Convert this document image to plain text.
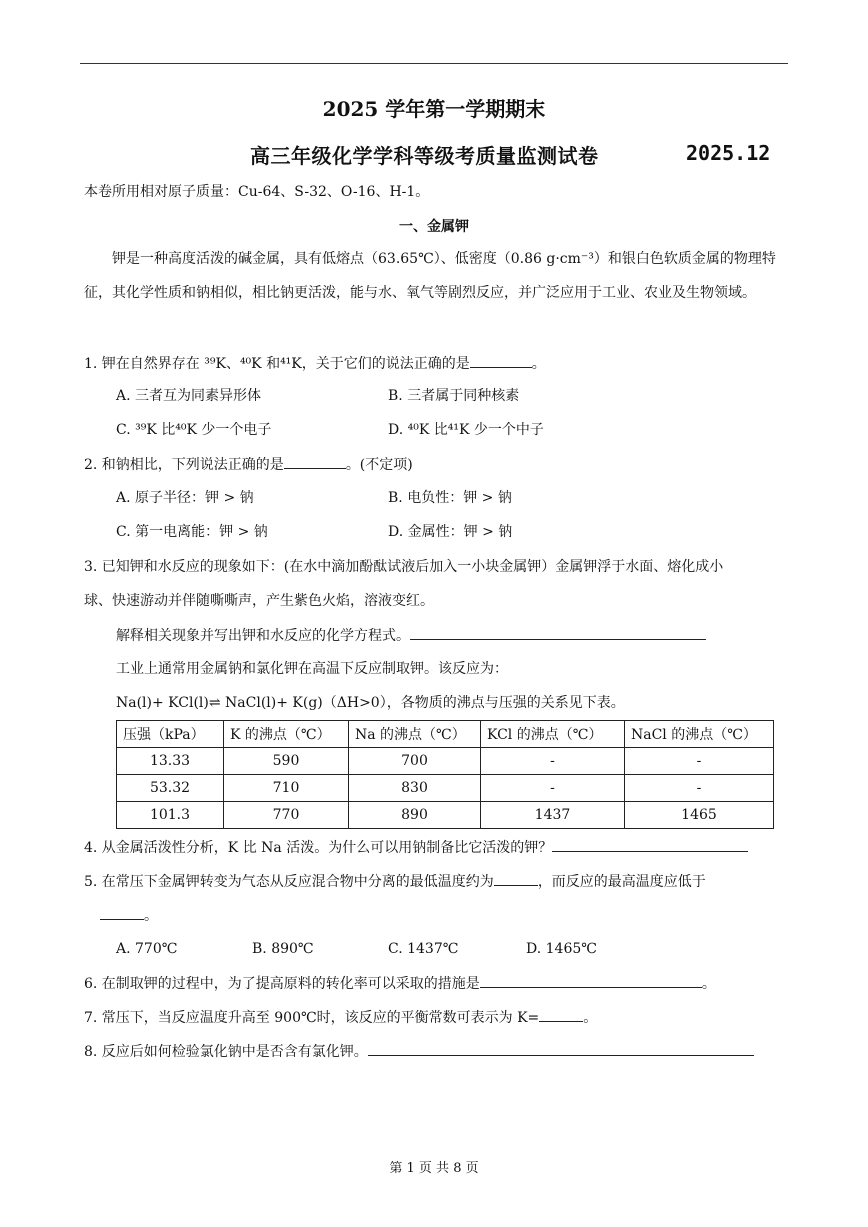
2025 学年第一学期期末
高三年级化学学科等级考质量监测试卷	2025.12
本卷所用相对原子质量：Cu-64、S-32、O-16、H-1。
一、金属钾
钾是一种高度活泼的碱金属，具有低熔点（63.65℃）、低密度（0.86 g·cm⁻³）和银白色软质金属的物理特征，其化学性质和钠相似，相比钠更活泼，能与水、氧气等剧烈反应，并广泛应用于工业、农业及生物领域。
1. 钾在自然界存在 ³⁹K、⁴⁰K 和⁴¹K，关于它们的说法正确的是	。
A. 三者互为同素异形体	B. 三者属于同种核素
C. ³⁹K 比⁴⁰K 少一个电子	D. ⁴⁰K 比⁴¹K 少一个中子
2. 和钠相比，下列说法正确的是	。(不定项)
A. 原子半径：钾 > 钠	B. 电负性：钾 > 钠
C. 第一电离能：钾 > 钠	D. 金属性：钾 > 钠
3. 已知钾和水反应的现象如下：(在水中滴加酚酞试液后加入一小块金属钾）金属钾浮于水面、熔化成小
球、快速游动并伴随嘶嘶声，产生紫色火焰，溶液变红。
解释相关现象并写出钾和水反应的化学方程式。
工业上通常用金属钠和氯化钾在高温下反应制取钾。该反应为：
Na(l)+ KCl(l)⇌ NaCl(l)+ K(g)（ΔH>0），各物质的沸点与压强的关系见下表。
压强（kPa）	K 的沸点（℃）	Na 的沸点（℃）	KCl 的沸点（℃）	NaCl 的沸点（℃）
13.33	590	700	-	-
53.32	710	830	-	-
101.3	770	890	1437	1465
4. 从金属活泼性分析，K 比 Na 活泼。为什么可以用钠制备比它活泼的钾？
5. 在常压下金属钾转变为气态从反应混合物中分离的最低温度约为	，而反应的最高温度应低于
。
A. 770℃	B. 890℃	C. 1437℃	D. 1465℃
6. 在制取钾的过程中，为了提高原料的转化率可以采取的措施是	。
7. 常压下，当反应温度升高至 900℃时，该反应的平衡常数可表示为 K=	。
8. 反应后如何检验氯化钠中是否含有氯化钾。
第 1 页 共 8 页
